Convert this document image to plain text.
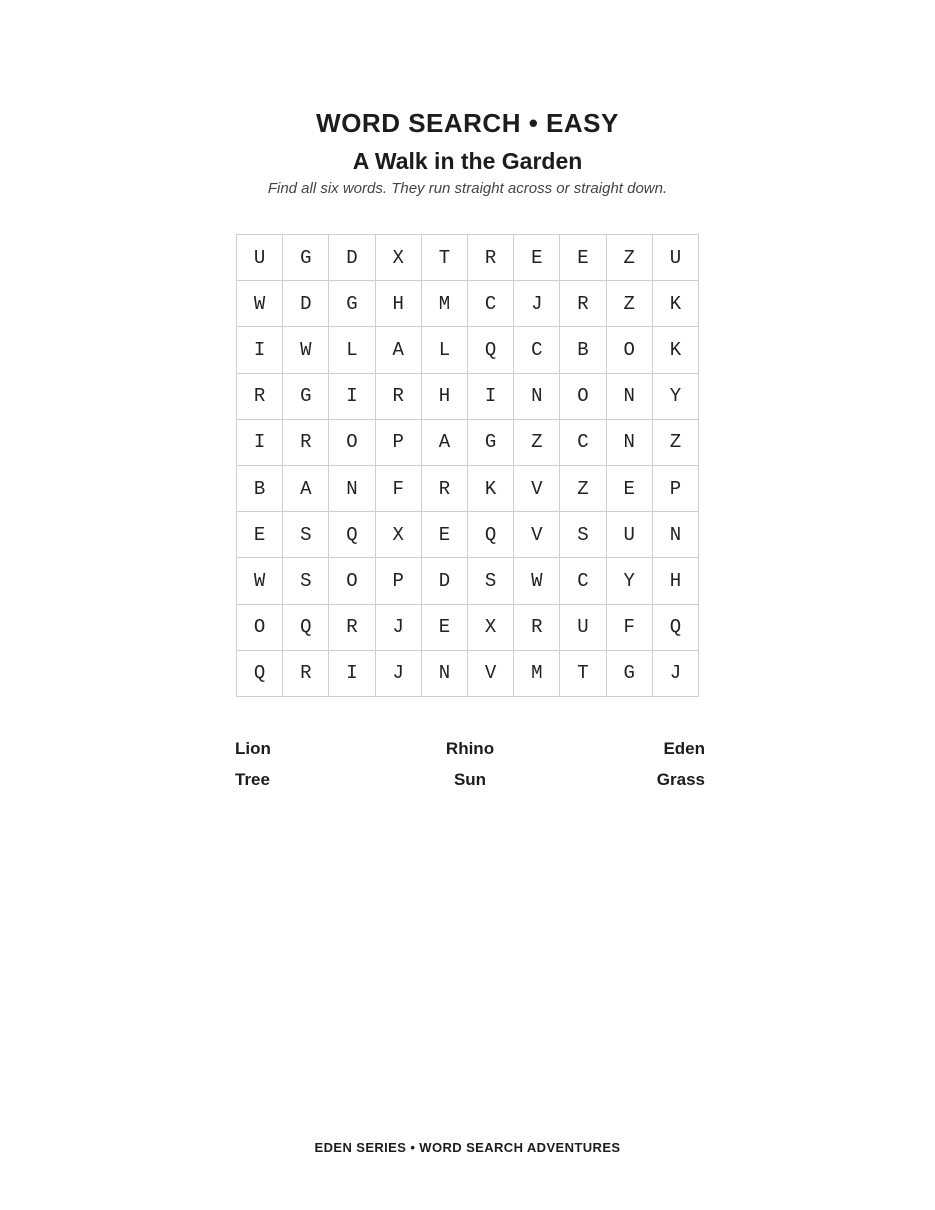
WORD SEARCH • EASY
A Walk in the Garden
Find all six words. They run straight across or straight down.
U	G	D	X	T	R	E	E	Z	U
W	D	G	H	M	C	J	R	Z	K
I	W	L	A	L	Q	C	B	O	K
R	G	I	R	H	I	N	O	N	Y
I	R	O	P	A	G	Z	C	N	Z
B	A	N	F	R	K	V	Z	E	P
E	S	Q	X	E	Q	V	S	U	N
W	S	O	P	D	S	W	C	Y	H
O	Q	R	J	E	X	R	U	F	Q
Q	R	I	J	N	V	M	T	G	J
Lion	Rhino	Eden
Tree	Sun	Grass
EDEN SERIES • WORD SEARCH ADVENTURES
